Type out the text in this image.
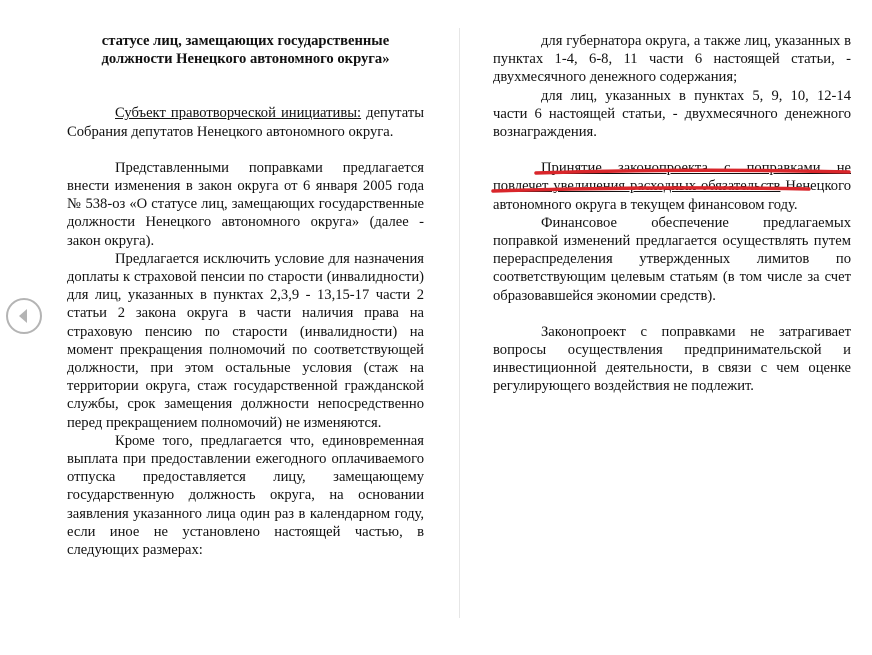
статусе лиц, замещающих государственные

должности Ненецкого автономного округа»

Субъект правотворческой инициативы: депутаты Собрания депутатов Ненецкого автономного округа.

Представленными поправками предлагается внести изменения в закон округа от 6 января 2005 года № 538-оз «О статусе лиц, замещающих государственные должности Ненецкого автономного округа» (далее - закон округа).

Предлагается исключить условие для назначения доплаты к страховой пенсии по старости (инвалидности) для лиц, указанных в пунктах 2,3,9 - 13,15-17 части 2 статьи 2 закона округа в части наличия права на страховую пенсию по старости (инвалидности) на момент прекращения полномочий по соответствующей должности, при этом остальные условия (стаж на территории округа, стаж государственной гражданской службы, срок замещения должности непосредственно перед прекращением полномочий) не изменяются.

Кроме того, предлагается что, единовременная выплата при предоставлении ежегодного оплачиваемого отпуска предоставляется лицу, замещающему государственную должность округа, на основании заявления указанного лица один раз в календарном году, если иное не установлено настоящей частью, в следующих размерах:

для губернатора округа, а также лиц, указанных в пунктах 1-4, 6-8, 11 части 6 настоящей статьи, - двухмесячного денежного содержания;

для лиц, указанных в пунктах 5, 9, 10, 12-14 части 6 настоящей статьи, - двухмесячного денежного вознаграждения.

Принятие законопроекта с поправками не повлечет увеличения расходных обязательств Ненецкого автономного округа в текущем финансовом году.

Финансовое обеспечение предлагаемых поправкой изменений предлагается осуществлять путем перераспределения утвержденных лимитов по соответствующим целевым статьям (в том числе за счет образовавшейся экономии средств).

Законопроект с поправками не затрагивает вопросы осуществления предпринимательской и инвестиционной деятельности, в связи с чем оценке регулирующего воздействия не подлежит.
